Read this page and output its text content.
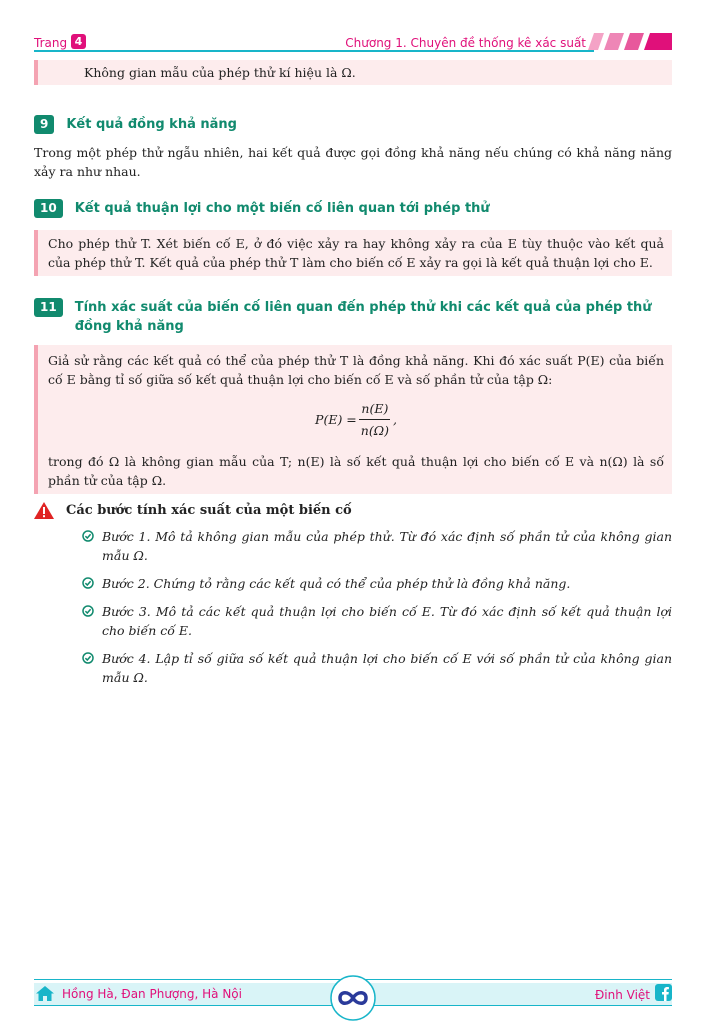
Trang 4	Chương 1. Chuyên đề thống kê xác suất
Không gian mẫu của phép thử kí hiệu là Ω.
9	Kết quả đồng khả năng
Trong một phép thử ngẫu nhiên, hai kết quả được gọi đồng khả năng nếu chúng có khả năng năng xảy ra như nhau.
10	Kết quả thuận lợi cho một biến cố liên quan tới phép thử
Cho phép thử T. Xét biến cố E, ở đó việc xảy ra hay không xảy ra của E tùy thuộc vào kết quả của phép thử T. Kết quả của phép thử T làm cho biến cố E xảy ra gọi là kết quả thuận lợi cho E.
11	Tính xác suất của biến cố liên quan đến phép thử khi các kết quả của phép thử đồng khả năng
Giả sử rằng các kết quả có thể của phép thử T là đồng khả năng. Khi đó xác suất P(E) của biến cố E bằng tỉ số giữa số kết quả thuận lợi cho biến cố E và số phần tử của tập Ω:
$P(E) = \frac{n(E)}{n(\Omega)}$ ,
trong đó Ω là không gian mẫu của T; n(E) là số kết quả thuận lợi cho biến cố E và n(Ω) là số phần tử của tập Ω.
Các bước tính xác suất của một biến cố
Bước 1. Mô tả không gian mẫu của phép thử. Từ đó xác định số phần tử của không gian mẫu Ω.
Bước 2. Chứng tỏ rằng các kết quả có thể của phép thử là đồng khả năng.
Bước 3. Mô tả các kết quả thuận lợi cho biến cố E. Từ đó xác định số kết quả thuận lợi cho biến cố E.
Bước 4. Lập tỉ số giữa số kết quả thuận lợi cho biến cố E với số phần tử của không gian mẫu Ω.
Hồng Hà, Đan Phượng, Hà Nội	Đinh Việt
